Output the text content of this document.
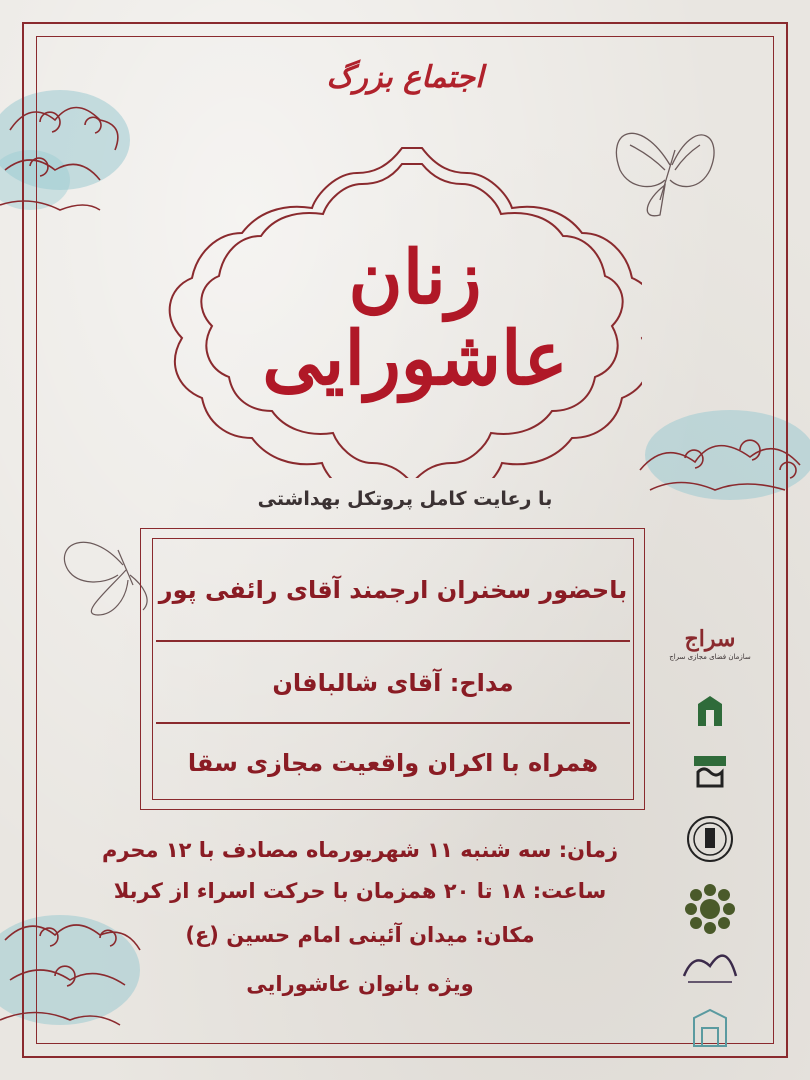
اجتماع بزرگ
زنان عاشورایی
با رعایت کامل پروتکل بهداشتی
باحضور سخنران ارجمند آقای رائفی پور
مداح: آقای شالبافان
همراه با اکران واقعیت مجازی سقا
زمان: سه شنبه ۱۱ شهریورماه مصادف با ۱۲ محرم
ساعت: ۱۸ تا ۲۰ همزمان با حرکت اسراء از کربلا
مکان: میدان آئینی امام حسین (ع)
ویژه بانوان عاشورایی
سراج
سازمان فضای مجازی سراج
